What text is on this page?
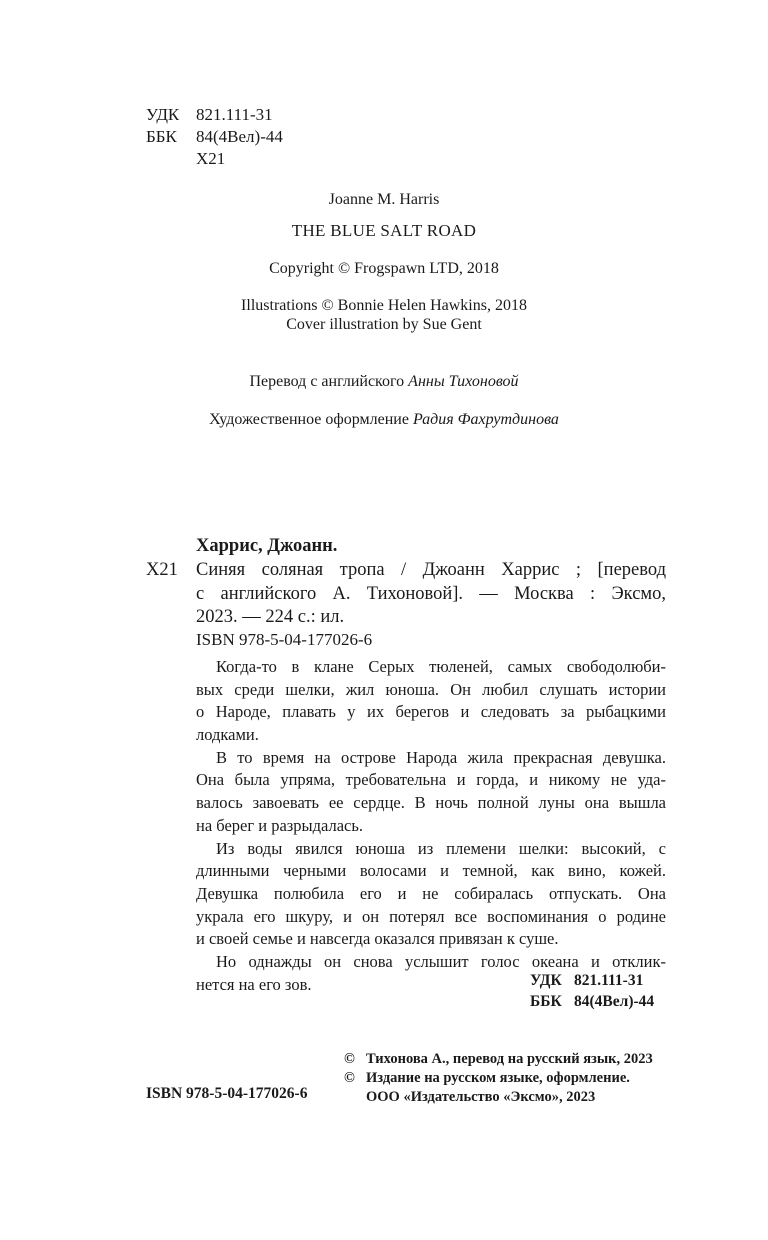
УДК 821.111-31
ББК	84(4Вел)-44
Х21
Joanne M. Harris
THE BLUE SALT ROAD
Copyright © Frogspawn LTD, 2018
Illustrations © Bonnie Helen Hawkins, 2018
Cover illustration by Sue Gent
Перевод с английского Анны Тихоновой
Художественное оформление Радия Фахрутдинова
Харрис, Джоанн.
Х21 Синяя соляная тропа / Джоанн Харрис ; [перевод
с английского А. Тихоновой]. — Москва : Эксмо,
2023. — 224 с.: ил.
ISBN 978-5-04-177026-6
Когда-то в клане Серых тюленей, самых свободолюби-
вых среди шелки, жил юноша. Он любил слушать истории
о Народе, плавать у их берегов и следовать за рыбацкими
лодками.
В то время на острове Народа жила прекрасная девушка.
Она была упряма, требовательна и горда, и никому не уда-
валось завоевать ее сердце. В ночь полной луны она вышла
на берег и разрыдалась.
Из воды явился юноша из племени шелки: высокий, с
длинными черными волосами и темной, как вино, кожей.
Девушка полюбила его и не собиралась отпускать. Она
украла его шкуру, и он потерял все воспоминания о родине
и своей семье и навсегда оказался привязан к суше.
Но однажды он снова услышит голос океана и отклик-
нется на его зов.	УДК 821.111-31
ББК 84(4Вел)-44
© Тихонова А., перевод на русский язык, 2023
© Издание на русском языке, оформление.
ООО «Издательство «Эксмо», 2023
ISBN 978-5-04-177026-6
